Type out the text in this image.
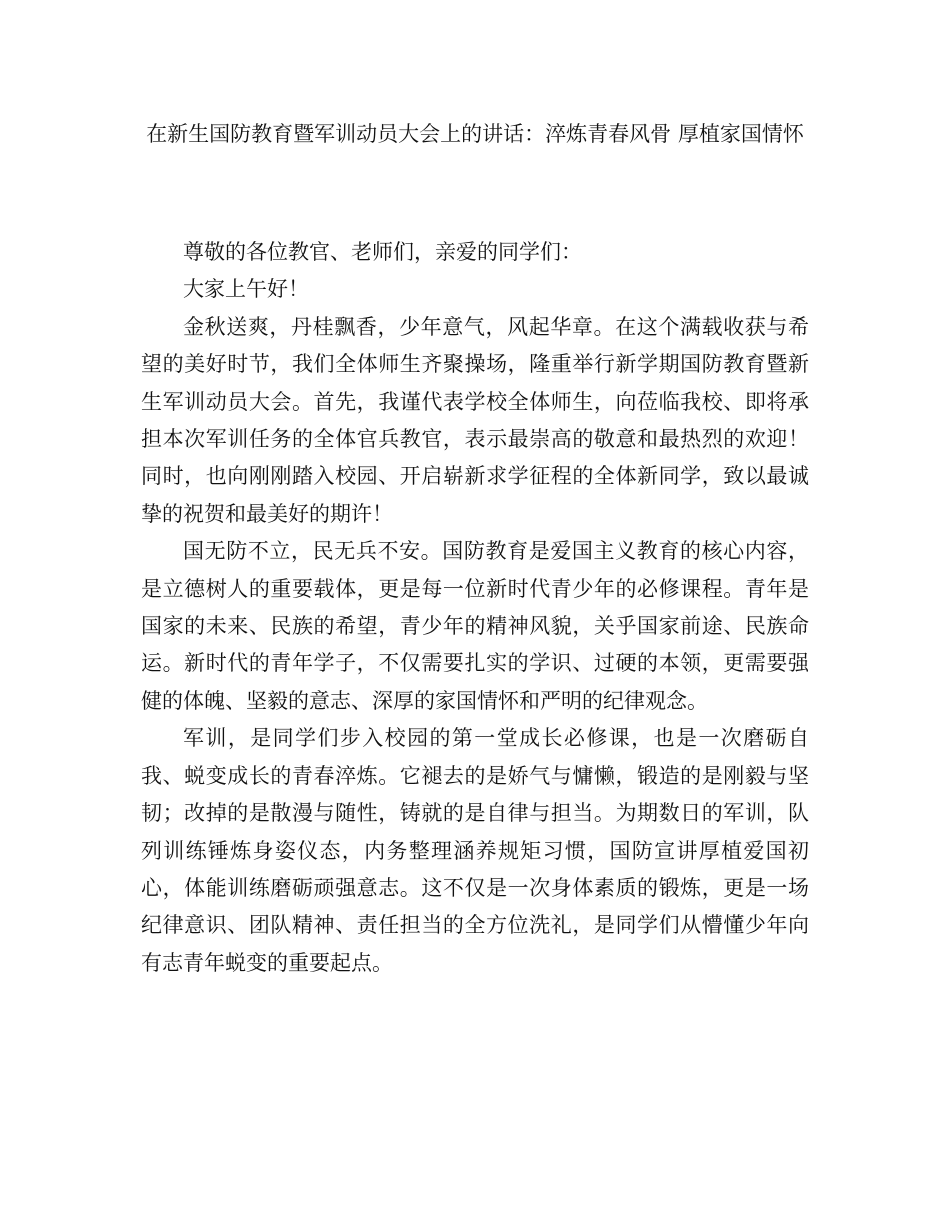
在新生国防教育暨军训动员大会上的讲话：淬炼青春风骨 厚植家国情怀

尊敬的各位教官、老师们，亲爱的同学们：

大家上午好！

金秋送爽，丹桂飘香，少年意气，风起华章。在这个满载收获与希望的美好时节，我们全体师生齐聚操场，隆重举行新学期国防教育暨新生军训动员大会。首先，我谨代表学校全体师生，向莅临我校、即将承担本次军训任务的全体官兵教官，表示最崇高的敬意和最热烈的欢迎！同时，也向刚刚踏入校园、开启崭新求学征程的全体新同学，致以最诚挚的祝贺和最美好的期许！

国无防不立，民无兵不安。国防教育是爱国主义教育的核心内容，是立德树人的重要载体，更是每一位新时代青少年的必修课程。青年是国家的未来、民族的希望，青少年的精神风貌，关乎国家前途、民族命运。新时代的青年学子，不仅需要扎实的学识、过硬的本领，更需要强健的体魄、坚毅的意志、深厚的家国情怀和严明的纪律观念。

军训，是同学们步入校园的第一堂成长必修课，也是一次磨砺自我、蜕变成长的青春淬炼。它褪去的是娇气与慵懒，锻造的是刚毅与坚韧；改掉的是散漫与随性，铸就的是自律与担当。为期数日的军训，队列训练锤炼身姿仪态，内务整理涵养规矩习惯，国防宣讲厚植爱国初心，体能训练磨砺顽强意志。这不仅是一次身体素质的锻炼，更是一场纪律意识、团队精神、责任担当的全方位洗礼，是同学们从懵懂少年向有志青年蜕变的重要起点。
